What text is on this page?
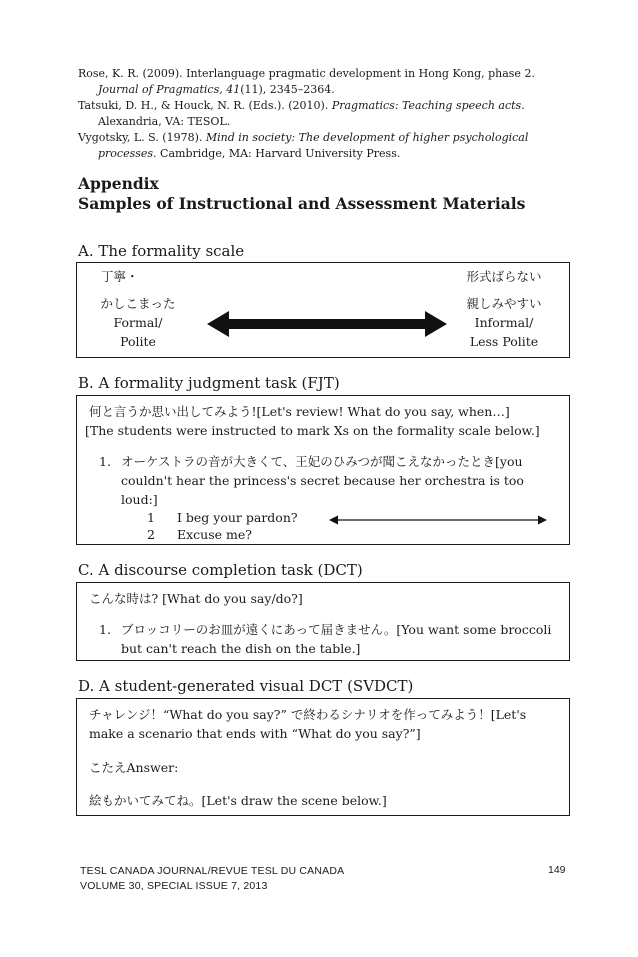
Rose, K. R. (2009). Interlanguage pragmatic development in Hong Kong, phase 2. Journal of Pragmatics, 41(11), 2345–2364.

Tatsuki, D. H., & Houck, N. R. (Eds.). (2010). Pragmatics: Teaching speech acts. Alexandria, VA: TESOL.

Vygotsky, L. S. (1978). Mind in society: The development of higher psychological processes. Cambridge, MA: Harvard University Press.

Appendix
Samples of Instructional and Assessment Materials
A. The formality scale
丁寧・
かしこまった
Formal/
Polite
形式ばらない
親しみやすい
Informal/
Less Polite
B. A formality judgment task (FJT)
何と言うか思い出してみよう![Let's review! What do you say, when…]
[The students were instructed to mark Xs on the formality scale below.]
1. オーケストラの音が大きくて、王妃のひみつが聞こえなかったとき[you couldn't hear the princess's secret because her orchestra is too loud:]
1 I beg your pardon?
2 Excuse me?
C. A discourse completion task (DCT)
こんな時は? [What do you say/do?]
1. ブロッコリーのお皿が遠くにあって届きません。[You want some broccoli but can't reach the dish on the table.]
D. A student-generated visual DCT (SVDCT)
チャレンジ！“What do you say?” で終わるシナリオを作ってみよう！[Let's make a scenario that ends with “What do you say?”]
こたえAnswer:
絵もかいてみてね。[Let's draw the scene below.]
TESL CANADA JOURNAL/REVUE TESL DU CANADA
VOLUME 30, SPECIAL ISSUE 7, 2013
149
